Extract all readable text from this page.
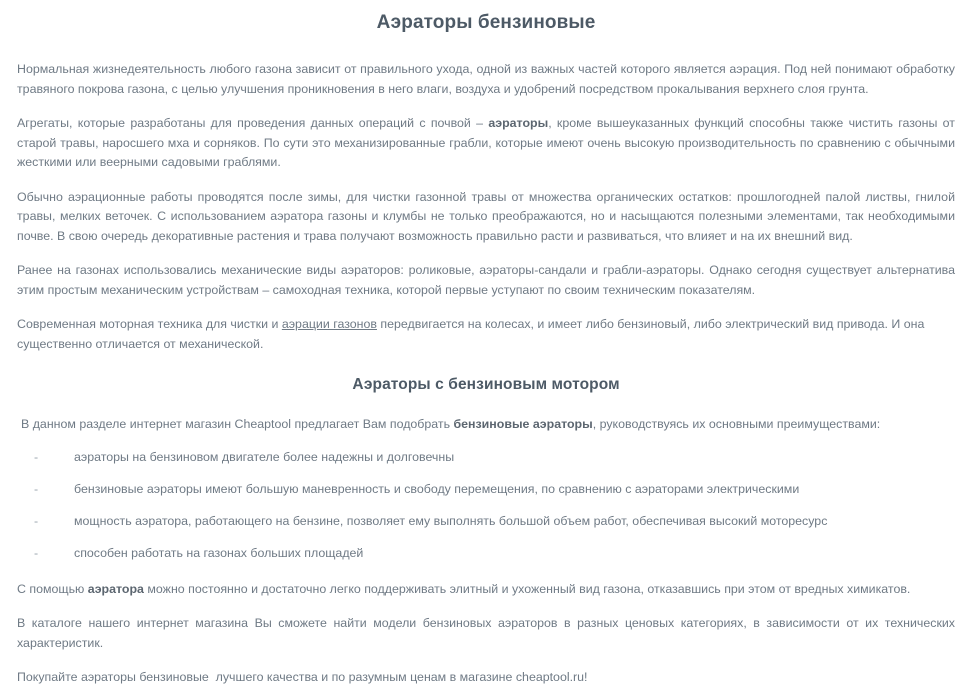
Аэраторы бензиновые

Нормальная жизнедеятельность любого газона зависит от правильного ухода, одной из важных частей которого является аэрация. Под ней понимают обработку травяного покрова газона, с целью улучшения проникновения в него влаги, воздуха и удобрений посредством прокалывания верхнего слоя грунта.

Агрегаты, которые разработаны для проведения данных операций с почвой – аэраторы, кроме вышеуказанных функций способны также чистить газоны от старой травы, наросшего мха и сорняков. По сути это механизированные грабли, которые имеют очень высокую производительность по сравнению с обычными жесткими или веерными садовыми граблями.

Обычно аэрационные работы проводятся после зимы, для чистки газонной травы от множества органических остатков: прошлогодней палой листвы, гнилой травы, мелких веточек. С использованием аэратора газоны и клумбы не только преображаются, но и насыщаются полезными элементами, так необходимыми почве. В свою очередь декоративные растения и трава получают возможность правильно расти и развиваться, что влияет и на их внешний вид.

Ранее на газонах использовались механические виды аэраторов: роликовые, аэраторы-сандали и грабли-аэраторы. Однако сегодня существует альтернатива этим простым механическим устройствам – самоходная техника, которой первые уступают по своим техническим показателям.

Современная моторная техника для чистки и аэрации газонов передвигается на колесах, и имеет либо бензиновый, либо электрический вид привода. И она существенно отличается от механической.

Аэраторы с бензиновым мотором

В данном разделе интернет магазин Cheaptool предлагает Вам подобрать бензиновые аэраторы, руководствуясь их основными преимуществами:

-	аэраторы на бензиновом двигателе более надежны и долговечны
-	бензиновые аэраторы имеют большую маневренность и свободу перемещения, по сравнению с аэраторами электрическими
-	мощность аэратора, работающего на бензине, позволяет ему выполнять большой объем работ, обеспечивая высокий моторесурс
-	способен работать на газонах больших площадей

С помощью аэратора можно постоянно и достаточно легко поддерживать элитный и ухоженный вид газона, отказавшись при этом от вредных химикатов.

В каталоге нашего интернет магазина Вы сможете найти модели бензиновых аэраторов в разных ценовых категориях, в зависимости от их технических характеристик.

Покупайте аэраторы бензиновые  лучшего качества и по разумным ценам в магазине cheaptool.ru!
